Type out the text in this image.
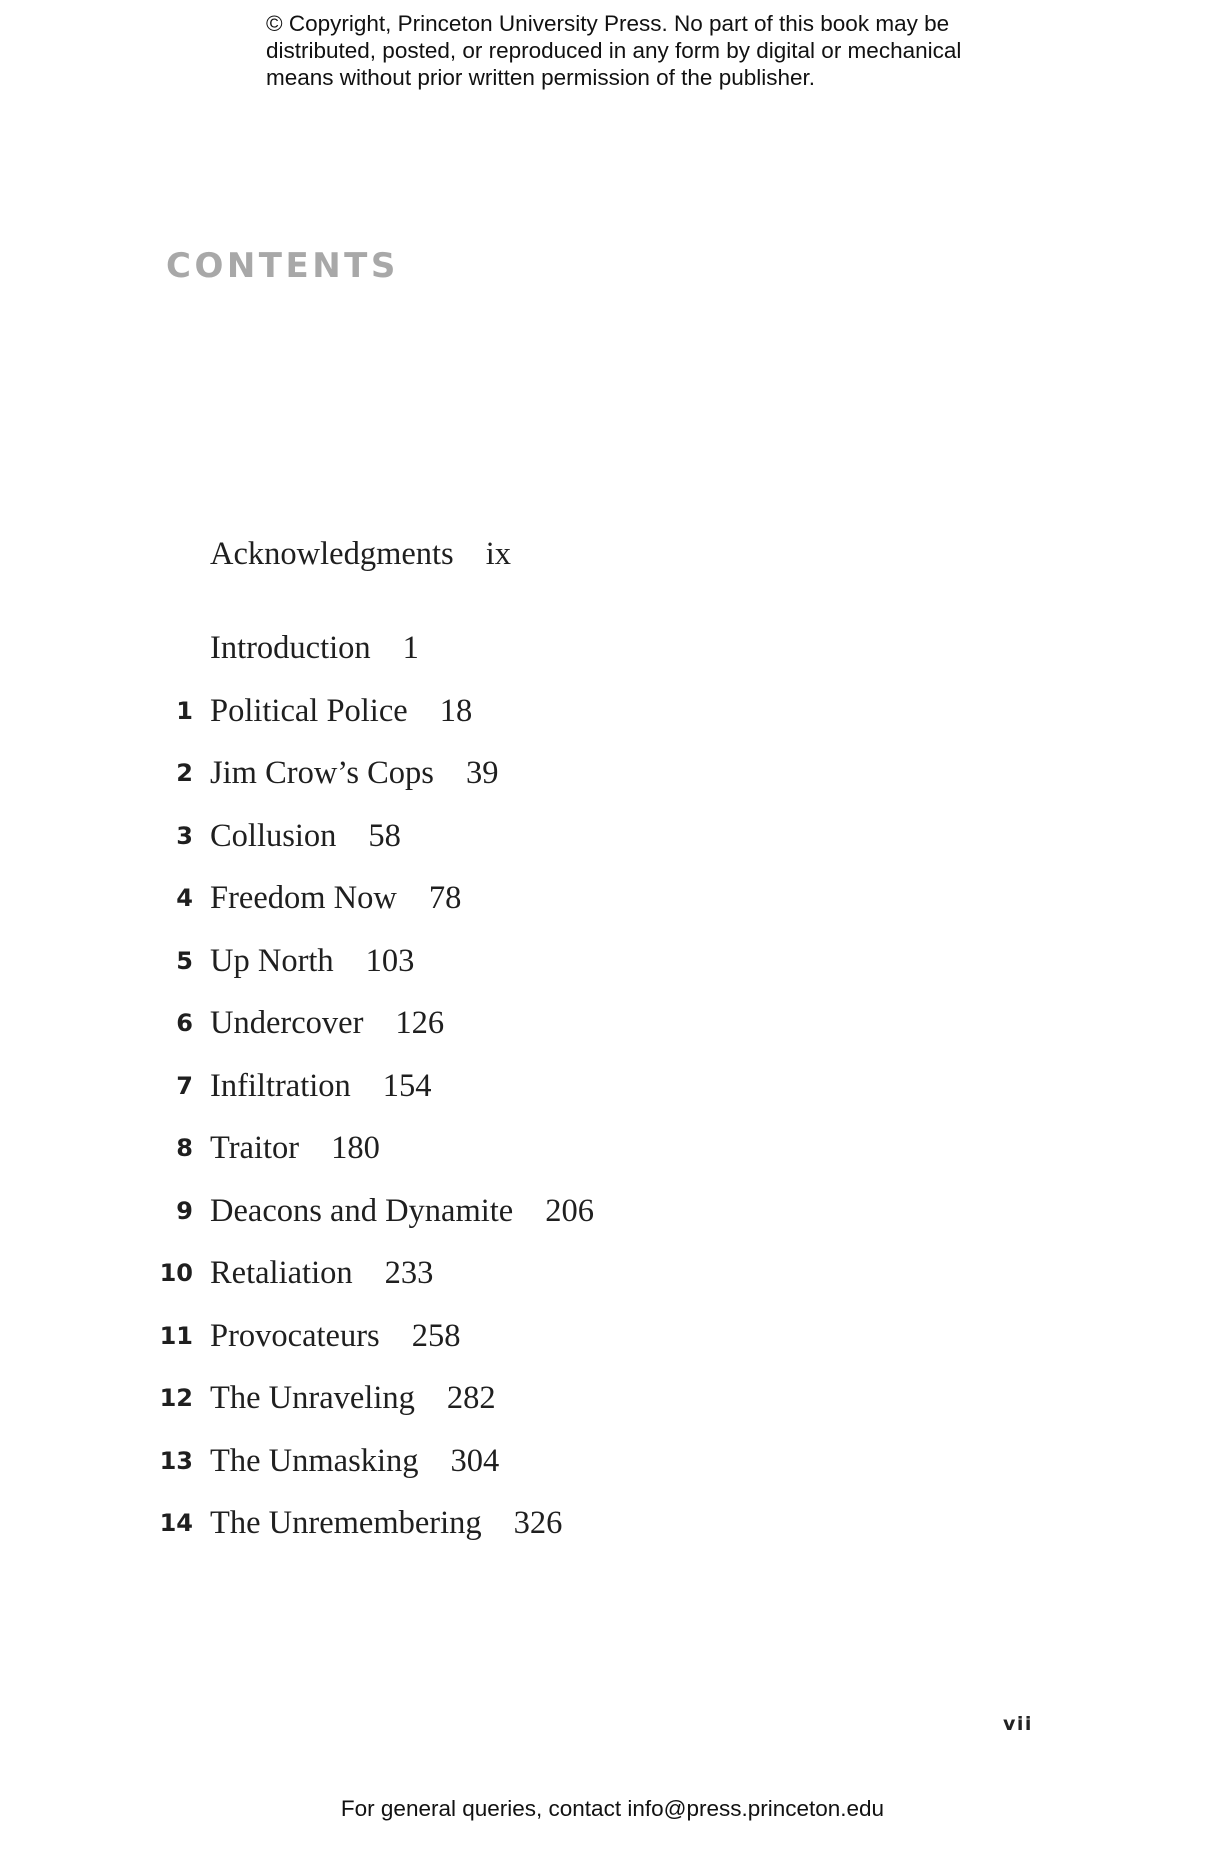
© Copyright, Princeton University Press. No part of this book may be
distributed, posted, or reproduced in any form by digital or mechanical
means without prior written permission of the publisher.
CONTENTS
Acknowledgments ix
Introduction 1
1 Political Police 18
2 Jim Crow’s Cops 39
3 Collusion 58
4 Freedom Now 78
5 Up North 103
6 Undercover 126
7 Infiltration 154
8 Traitor 180
9 Deacons and Dynamite 206
10 Retaliation 233
11 Provocateurs 258
12 The Unraveling 282
13 The Unmasking 304
14 The Unremembering 326
vii
For general queries, contact info@press.princeton.edu
